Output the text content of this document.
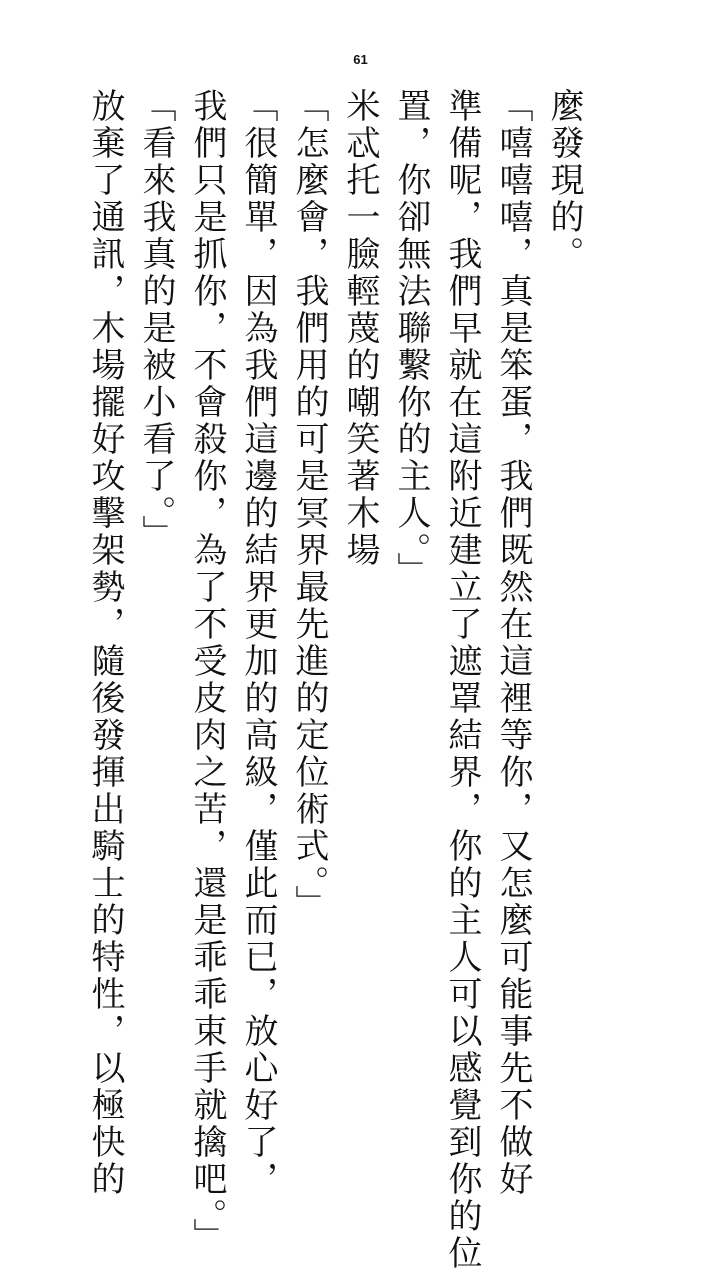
61
麼發現的。
「嘻嘻嘻，真是笨蛋，我們既然在這裡等你，又怎麼可能事先不做好
準備呢，我們早就在這附近建立了遮罩結界，你的主人可以感覺到你的位
置，你卻無法聯繫你的主人。」
米忒托一臉輕蔑的嘲笑著木場
「怎麼會，我們用的可是冥界最先進的定位術式。」
「很簡單，因為我們這邊的結界更加的高級，僅此而已，放心好了，
我們只是抓你，不會殺你，為了不受皮肉之苦，還是乖乖束手就擒吧。」
「看來我真的是被小看了。」
放棄了通訊，木場擺好攻擊架勢，隨後發揮出騎士的特性，以極快的
